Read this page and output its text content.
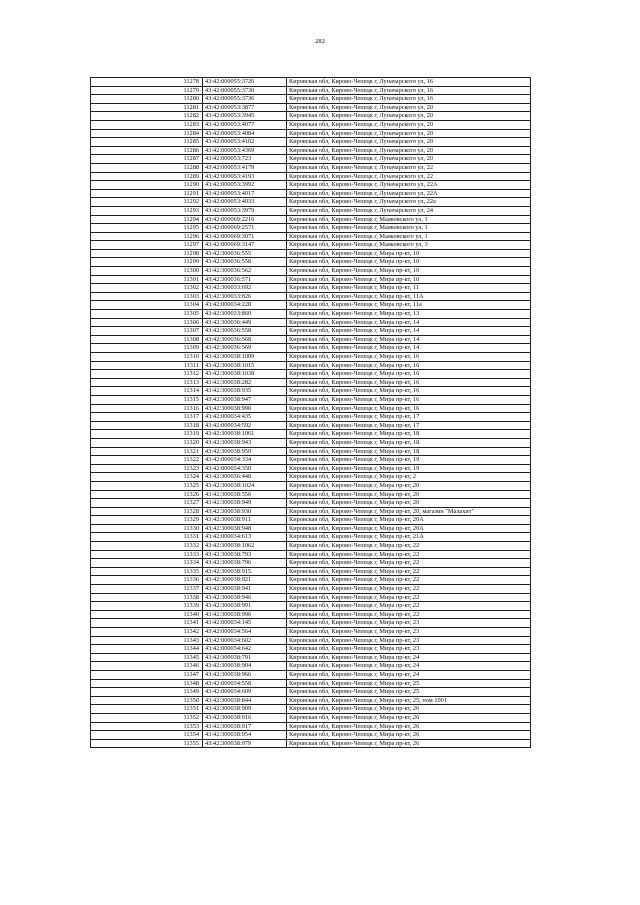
282
11278	43:42:000055:3726	Кировская обл, Кирово-Чепецк г, Луначарского ул, 16
11279	43:42:000055:3730	Кировская обл, Кирово-Чепецк г, Луначарского ул, 16
11280	43:42:000055:3736	Кировская обл, Кирово-Чепецк г, Луначарского ул, 16
11281	43:42:000053:3877	Кировская обл, Кирово-Чепецк г, Луначарского ул, 20
11282	43:42:000053:3945	Кировская обл, Кирово-Чепецк г, Луначарского ул, 20
11283	43:42:000053:4077	Кировская обл, Кирово-Чепецк г, Луначарского ул, 20
11284	43:42:000053:4084	Кировская обл, Кирово-Чепецк г, Луначарского ул, 20
11285	43:42:000053:4102	Кировская обл, Кирово-Чепецк г, Луначарского ул, 20
11286	43:42:000053:4369	Кировская обл, Кирово-Чепецк г, Луначарского ул, 20
11287	43:42:000053:723	Кировская обл, Кирово-Чепецк г, Луначарского ул, 20
11288	43:42:000053:4179	Кировская обл, Кирово-Чепецк г, Луначарского ул, 22
11289	43:42:000053:4193	Кировская обл, Кирово-Чепецк г, Луначарского ул, 22
11290	43:42:000053:3992	Кировская обл, Кирово-Чепецк г, Луначарского ул, 22А
11291	43:42:000053:4017	Кировская обл, Кирово-Чепецк г, Луначарского ул, 22А
11292	43:42:000053:4033	Кировская обл, Кирово-Чепецк г, Луначарского ул, 22а
11293	43:42:000053:3979	Кировская обл, Кирово-Чепецк г, Луначарского ул, 24
11294	43:42:000069:2216	Кировская обл, Кирово-Чепецк г, Маяковского ул, 1
11295	43:42:000069:2571	Кировская обл, Кирово-Чепецк г, Маяковского ул, 1
11296	43:42:000069:3071	Кировская обл, Кирово-Чепецк г, Маяковского ул, 1
11297	43:42:000069:3147	Кировская обл, Кирово-Чепецк г, Маяковского ул, 3
11298	43:42:300036:555	Кировская обл, Кирово-Чепецк г, Мира пр-кт, 10
11299	43:42:300036:558	Кировская обл, Кирово-Чепецк г, Мира пр-кт, 10
11300	43:42:300036:562	Кировская обл, Кирово-Чепецк г, Мира пр-кт, 10
11301	43:42:300036:571	Кировская обл, Кирово-Чепецк г, Мира пр-кт, 10
11302	43:42:300033:692	Кировская обл, Кирово-Чепецк г, Мира пр-кт, 11
11303	43:42:300033:826	Кировская обл, Кирово-Чепецк г, Мира пр-кт, 11А
11304	43:42:000034:228	Кировская обл, Кирово-Чепецк г, Мира пр-кт, 11а
11305	43:42:300033:860	Кировская обл, Кирово-Чепецк г, Мира пр-кт, 13
11306	43:42:300036:449	Кировская обл, Кирово-Чепецк г, Мира пр-кт, 14
11307	43:42:300036:558	Кировская обл, Кирово-Чепецк г, Мира пр-кт, 14
11308	43:42:300036:568	Кировская обл, Кирово-Чепецк г, Мира пр-кт, 14
11309	43:42:300036:569	Кировская обл, Кирово-Чепецк г, Мира пр-кт, 14
11310	43:42:300038:1009	Кировская обл, Кирово-Чепецк г, Мира пр-кт, 16
11311	43:42:300038:1015	Кировская обл, Кирово-Чепецк г, Мира пр-кт, 16
11312	43:42:300038:1038	Кировская обл, Кирово-Чепецк г, Мира пр-кт, 16
11313	43:42:300038:282	Кировская обл, Кирово-Чепецк г, Мира пр-кт, 16
11314	43:42:300038:935	Кировская обл, Кирово-Чепецк г, Мира пр-кт, 16
11315	43:42:300038:947	Кировская обл, Кирово-Чепецк г, Мира пр-кт, 16
11316	43:42:300038:990	Кировская обл, Кирово-Чепецк г, Мира пр-кт, 16
11317	43:42:000034:435	Кировская обл, Кирово-Чепецк г, Мира пр-кт, 17
11318	43:42:000034:592	Кировская обл, Кирово-Чепецк г, Мира пр-кт, 17
11319	43:42:300038:1061	Кировская обл, Кирово-Чепецк г, Мира пр-кт, 18
11320	43:42:300038:943	Кировская обл, Кирово-Чепецк г, Мира пр-кт, 18
11321	43:42:300038:950	Кировская обл, Кирово-Чепецк г, Мира пр-кт, 18
11322	43:42:000034:334	Кировская обл, Кирово-Чепецк г, Мира пр-кт, 19
11323	43:42:000034:350	Кировская обл, Кирово-Чепецк г, Мира пр-кт, 19
11324	43:42:300036:448	Кировская обл, Кирово-Чепецк г, Мира пр-кт, 2
11325	43:42:300038:1024	Кировская обл, Кирово-Чепецк г, Мира пр-кт, 20
11326	43:42:300038:556	Кировская обл, Кирово-Чепецк г, Мира пр-кт, 20
11327	43:42:300038:949	Кировская обл, Кирово-Чепецк г, Мира пр-кт, 20
11328	43:42:300038:930	Кировская обл, Кирово-Чепецк г, Мира пр-кт, 20, магазин "Малахит"
11329	43:42:300038:911	Кировская обл, Кирово-Чепецк г, Мира пр-кт, 20А
11330	43:42:300038:948	Кировская обл, Кирово-Чепецк г, Мира пр-кт, 20А
11331	43:42:000034:613	Кировская обл, Кирово-Чепецк г, Мира пр-кт, 21А
11332	43:42:300038:1062	Кировская обл, Кирово-Чепецк г, Мира пр-кт, 22
11333	43:42:300038:793	Кировская обл, Кирово-Чепецк г, Мира пр-кт, 22
11334	43:42:300038:796	Кировская обл, Кирово-Чепецк г, Мира пр-кт, 22
11335	43:42:300038:915	Кировская обл, Кирово-Чепецк г, Мира пр-кт, 22
11336	43:42:300038:921	Кировская обл, Кирово-Чепецк г, Мира пр-кт, 22
11337	43:42:300038:941	Кировская обл, Кирово-Чепецк г, Мира пр-кт, 22
11338	43:42:300038:946	Кировская обл, Кирово-Чепецк г, Мира пр-кт, 22
11339	43:42:300038:991	Кировская обл, Кирово-Чепецк г, Мира пр-кт, 22
11340	43:42:300038:996	Кировская обл, Кирово-Чепецк г, Мира пр-кт, 22
11341	43:42:000034:145	Кировская обл, Кирово-Чепецк г, Мира пр-кт, 23
11342	43:42:000034:564	Кировская обл, Кирово-Чепецк г, Мира пр-кт, 23
11343	43:42:000034:602	Кировская обл, Кирово-Чепецк г, Мира пр-кт, 23
11344	43:42:000034:642	Кировская обл, Кирово-Чепецк г, Мира пр-кт, 23
11345	43:42:300038:791	Кировская обл, Кирово-Чепецк г, Мира пр-кт, 24
11346	43:42:300038:904	Кировская обл, Кирово-Чепецк г, Мира пр-кт, 24
11347	43:42:300038:966	Кировская обл, Кирово-Чепецк г, Мира пр-кт, 24
11348	43:42:000034:558	Кировская обл, Кирово-Чепецк г, Мира пр-кт, 25
11349	43:42:000034:609	Кировская обл, Кирово-Чепецк г, Мира пр-кт, 25
11350	43:42:300038:844	Кировская обл, Кирово-Чепецк г, Мира пр-кт, 25, пом 1001
11351	43:42:300038:909	Кировская обл, Кирово-Чепецк г, Мира пр-кт, 26
11352	43:42:300038:916	Кировская обл, Кирово-Чепецк г, Мира пр-кт, 26
11353	43:42:300038:917	Кировская обл, Кирово-Чепецк г, Мира пр-кт, 26
11354	43:42:300038:954	Кировская обл, Кирово-Чепецк г, Мира пр-кт, 26
11355	43:42:300038:979	Кировская обл, Кирово-Чепецк г, Мира пр-кт, 26
